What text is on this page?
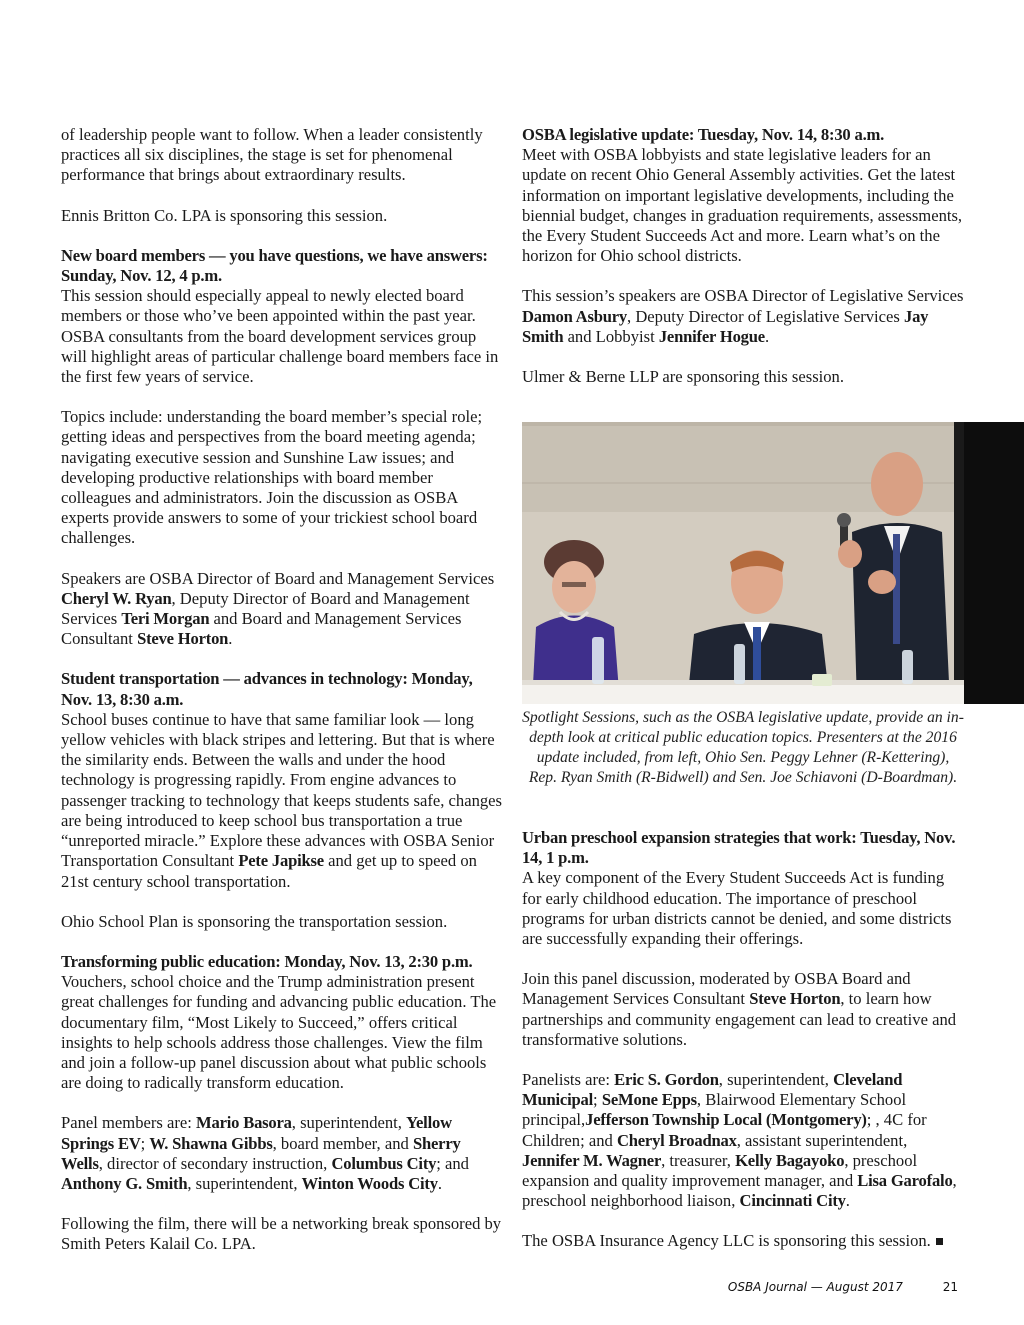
of leadership people want to follow. When a leader consistently practices all six disciplines, the stage is set for phenomenal performance that brings about extraordinary results.

Ennis Britton Co. LPA is sponsoring this session.

New board members — you have questions, we have answers: Sunday, Nov. 12, 4 p.m.

This session should especially appeal to newly elected board members or those who’ve been appointed within the past year. OSBA consultants from the board development services group will highlight areas of particular challenge board members face in the first few years of service.

Topics include: understanding the board member’s special role; getting ideas and perspectives from the board meeting agenda; navigating executive session and Sunshine Law issues; and developing productive relationships with board member colleagues and administrators. Join the discussion as OSBA experts provide answers to some of your trickiest school board challenges.

Speakers are OSBA Director of Board and Management Services Cheryl W. Ryan, Deputy Director of Board and Management Services Teri Morgan and Board and Management Services Consultant Steve Horton.

Student transportation — advances in technology: Monday, Nov. 13, 8:30 a.m.

School buses continue to have that same familiar look — long yellow vehicles with black stripes and lettering. But that is where the similarity ends. Between the walls and under the hood technology is progressing rapidly. From engine advances to passenger tracking to technology that keeps students safe, changes are being introduced to keep school bus transportation a true “unreported miracle.” Explore these advances with OSBA Senior Transportation Consultant Pete Japikse and get up to speed on 21st century school transportation.

Ohio School Plan is sponsoring the transportation session.

Transforming public education: Monday, Nov. 13, 2:30 p.m.

Vouchers, school choice and the Trump administration present great challenges for funding and advancing public education. The documentary film, “Most Likely to Succeed,” offers critical insights to help schools address those challenges. View the film and join a follow-up panel discussion about what public schools are doing to radically transform education.

Panel members are: Mario Basora, superintendent, Yellow Springs EV; W. Shawna Gibbs, board member, and Sherry Wells, director of secondary instruction, Columbus City; and Anthony G. Smith, superintendent, Winton Woods City.

Following the film, there will be a networking break sponsored by Smith Peters Kalail Co. LPA.

OSBA legislative update: Tuesday, Nov. 14, 8:30 a.m.

Meet with OSBA lobbyists and state legislative leaders for an update on recent Ohio General Assembly activities. Get the latest information on important legislative developments, including the biennial budget, changes in graduation requirements, assessments, the Every Student Succeeds Act and more. Learn what’s on the horizon for Ohio school districts.

This session’s speakers are OSBA Director of Legislative Services Damon Asbury, Deputy Director of Legislative Services Jay Smith and Lobbyist Jennifer Hogue.

Ulmer & Berne LLP are sponsoring this session.

Spotlight Sessions, such as the OSBA legislative update, provide an in-depth look at critical public education topics. Presenters at the 2016 update included, from left, Ohio Sen. Peggy Lehner (R-Kettering), Rep. Ryan Smith (R-Bidwell) and Sen. Joe Schiavoni (D-Boardman).

Urban preschool expansion strategies that work: Tuesday, Nov. 14, 1 p.m.

A key component of the Every Student Succeeds Act is funding for early childhood education. The importance of preschool programs for urban districts cannot be denied, and some districts are successfully expanding their offerings.

Join this panel discussion, moderated by OSBA Board and Management Services Consultant Steve Horton, to learn how partnerships and community engagement can lead to creative and transformative solutions.

Panelists are: Eric S. Gordon, superintendent, Cleveland Municipal; SeMone Epps, Blairwood Elementary School principal,Jefferson Township Local (Montgomery); , 4C for Children; and Cheryl Broadnax, assistant superintendent, Jennifer M. Wagner, treasurer, Kelly Bagayoko, preschool expansion and quality improvement manager, and Lisa Garofalo, preschool neighborhood liaison, Cincinnati City.

The OSBA Insurance Agency LLC is sponsoring this session.

OSBA Journal — August 2017	21
